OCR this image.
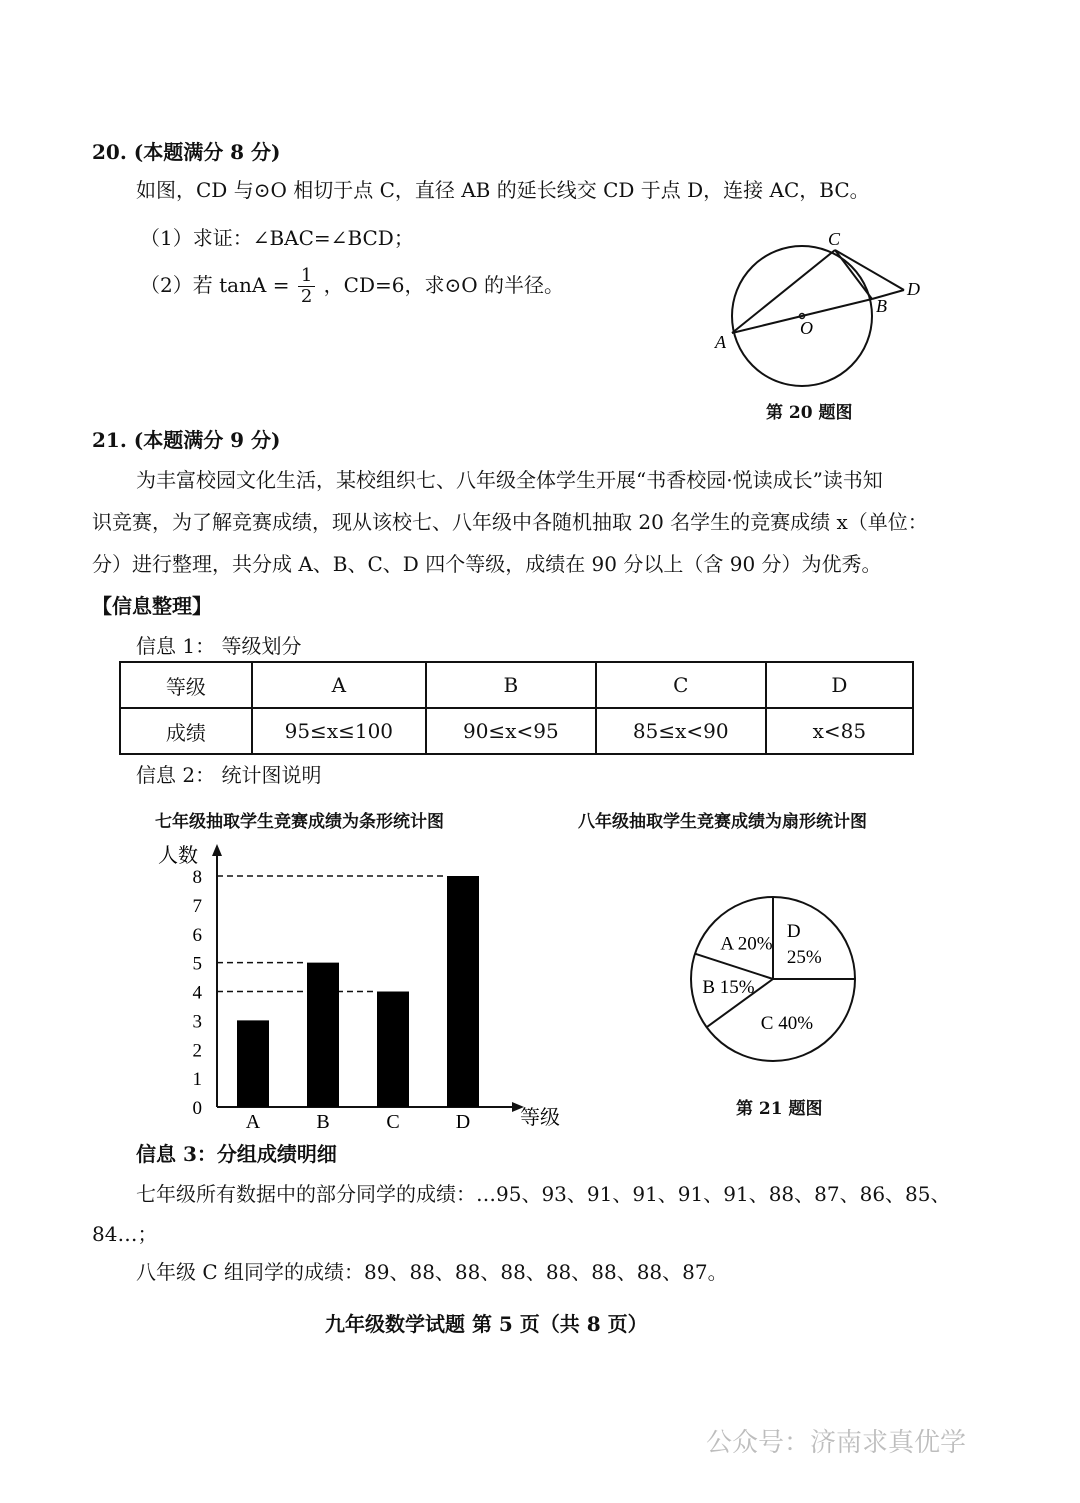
20. (本题满分 8 分)
如图，CD 与⊙O 相切于点 C，直径 AB 的延长线交 CD 于点 D，连接 AC，BC。
（1）求证：∠BAC=∠BCD；
（2）若 $\tan A = \frac{1}{2}$ ，CD=6，求⊙O 的半径。
C
D
B
O
A
第 20 题图
21. (本题满分 9 分)
为丰富校园文化生活，某校组织七、八年级全体学生开展“书香校园·悦读成长”读书知
识竞赛，为了解竞赛成绩，现从该校七、八年级中各随机抽取 20 名学生的竞赛成绩 x（单位：
分）进行整理，共分成 A、B、C、D 四个等级，成绩在 90 分以上（含 90 分）为优秀。
【信息整理】
信息 1： 等级划分
等级	A	B	C	D
成绩	95≤x≤100	90≤x<95	85≤x<90	x<85
信息 2： 统计图说明
七年级抽取学生竞赛成绩为条形统计图	八年级抽取学生竞赛成绩为扇形统计图
人数
等级
0
1
2
3
4
5
6
7
8
A	B	C	D
D
25%
C 40%
B 15%
A 20%
第 21 题图
信息 3：分组成绩明细
七年级所有数据中的部分同学的成绩：…95、93、91、91、91、91、88、87、86、85、
84…；
八年级 C 组同学的成绩：89、88、88、88、88、88、88、87。
九年级数学试题 第 5 页（共 8 页）
公众号：济南求真优学
